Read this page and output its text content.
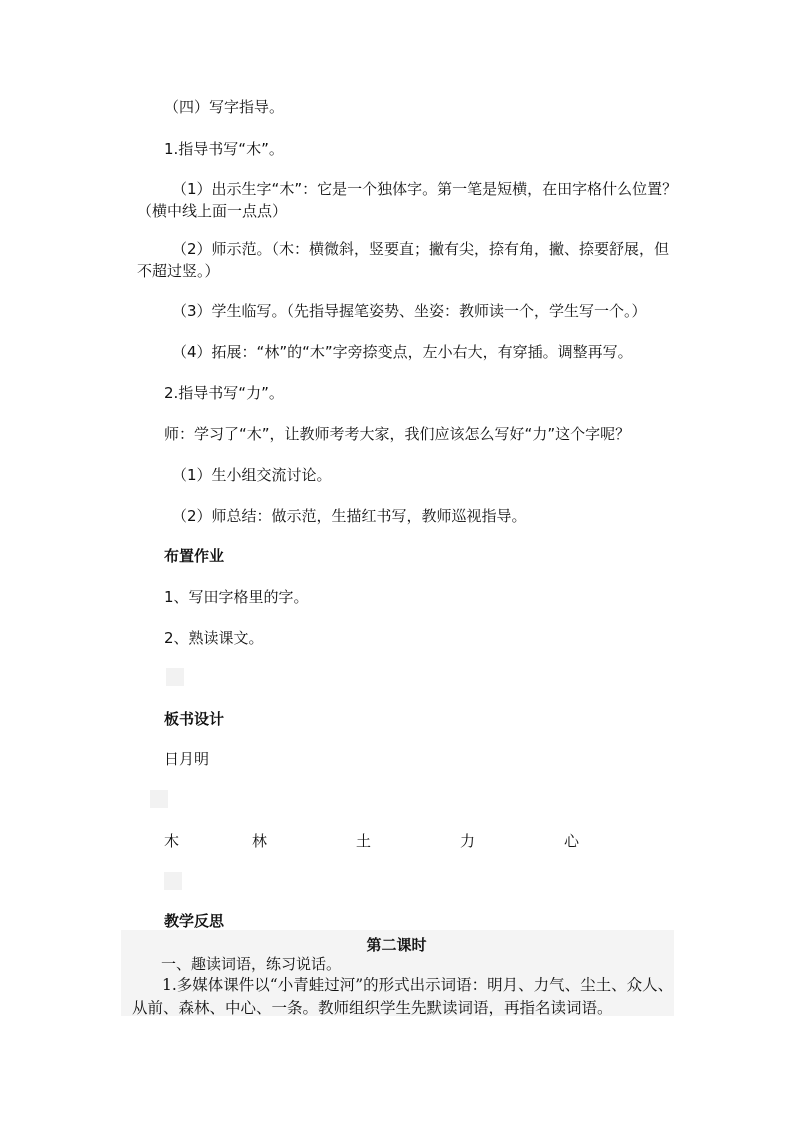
（四）写字指导。
1.指导书写“木”。
（1）出示生字“木”：它是一个独体字。第一笔是短横，在田字格什么位置？（横中线上面一点点）
（2）师示范。（木：横微斜，竖要直；撇有尖，捺有角，撇、捺要舒展，但不超过竖。）
（3）学生临写。（先指导握笔姿势、坐姿：教师读一个，学生写一个。）
（4）拓展：“林”的“木”字旁捺变点，左小右大，有穿插。调整再写。
2.指导书写“力”。
师：学习了“木”，让教师考考大家，我们应该怎么写好“力”这个字呢？
（1）生小组交流讨论。
（2）师总结：做示范，生描红书写，教师巡视指导。
布置作业
1、写田字格里的字。
2、熟读课文。
板书设计
日月明
木	林	土	力	心
教学反思
第二课时
一、趣读词语，练习说话。
1.多媒体课件以“小青蛙过河”的形式出示词语：明月、力气、尘土、众人、从前、森林、中心、一条。教师组织学生先默读词语，再指名读词语。
